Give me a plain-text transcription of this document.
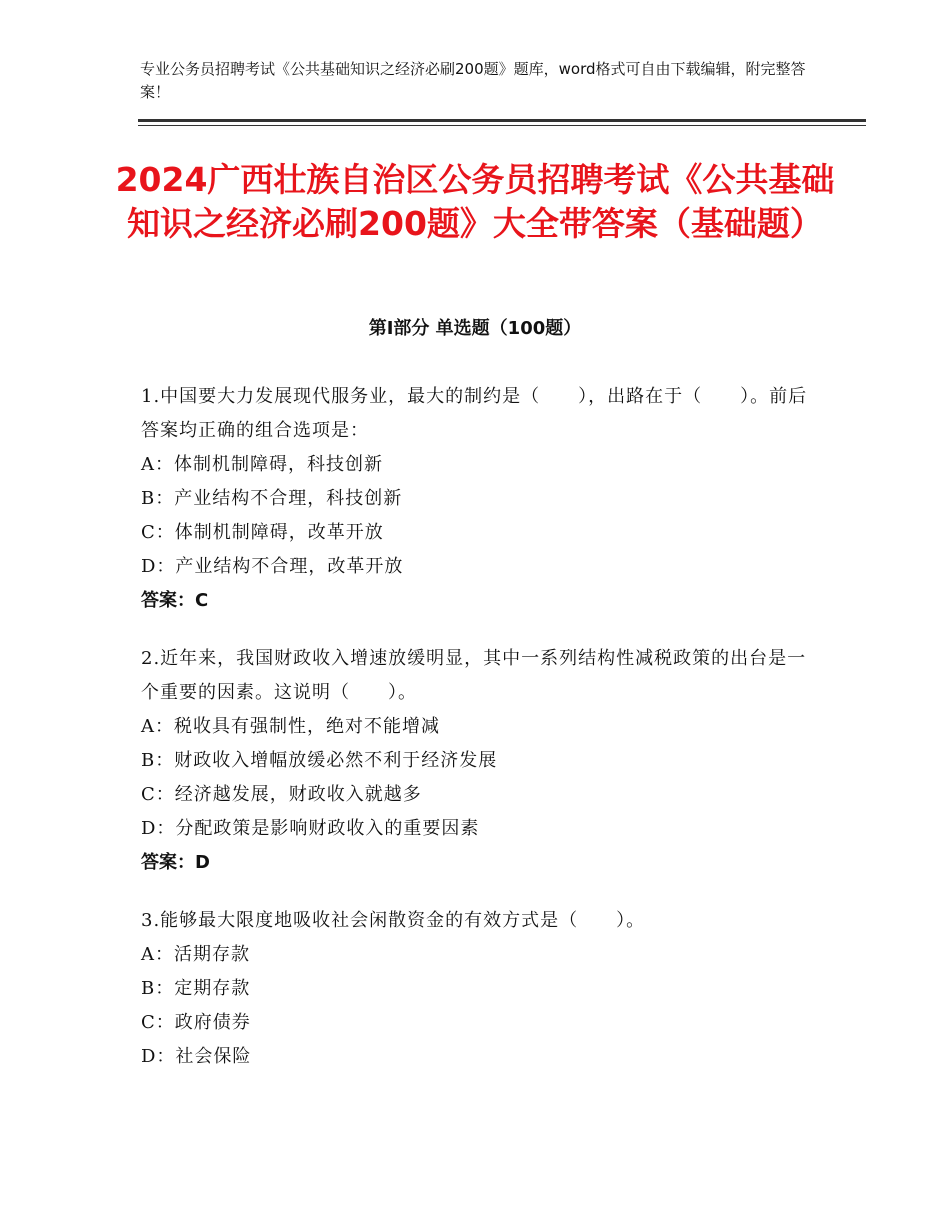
专业公务员招聘考试《公共基础知识之经济必刷200题》题库，word格式可自由下载编辑，附完整答案！
2024广西壮族自治区公务员招聘考试《公共基础知识之经济必刷200题》大全带答案（基础题）
第Ⅰ部分 单选题（100题）
1.中国要大力发展现代服务业，最大的制约是（　　），出路在于（　　）。前后答案均正确的组合选项是：
A：体制机制障碍，科技创新
B：产业结构不合理，科技创新
C：体制机制障碍，改革开放
D：产业结构不合理，改革开放
答案：C
2.近年来，我国财政收入增速放缓明显，其中一系列结构性减税政策的出台是一个重要的因素。这说明（　　）。
A：税收具有强制性，绝对不能增减
B：财政收入增幅放缓必然不利于经济发展
C：经济越发展，财政收入就越多
D：分配政策是影响财政收入的重要因素
答案：D
3.能够最大限度地吸收社会闲散资金的有效方式是（　　）。
A：活期存款
B：定期存款
C：政府债券
D：社会保险
